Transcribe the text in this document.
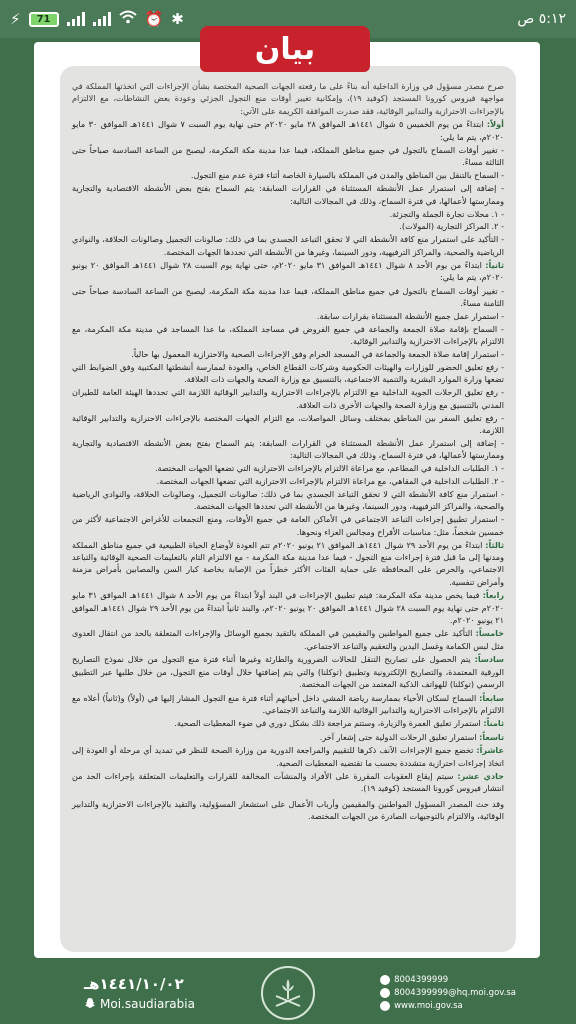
⚡ 71	⏰ ✱	٥:١٢ ص
بيان

صرح مصدر مسؤول في وزارة الداخلية أنه بناءً على ما رفعته الجهات الصحية المختصة بشأن الإجراءات التي اتخذتها المملكة في مواجهة فيروس كورونا المستجد (كوفيد ١٩)، وإمكانية تغيير أوقات منع التجول الجزئي وعودة بعض النشاطات، مع الالتزام بالإجراءات الاحترازية والتدابير الوقائية، فقد صدرت الموافقة الكريمة على الآتي:

أولاً: ابتداءً من يوم الخميس ٥ شوال ١٤٤١هـ الموافق ٢٨ مايو ٢٠٢٠م حتى نهاية يوم السبت ٧ شوال ١٤٤١هـ الموافق ٣٠ مايو ٢٠٢٠م، يتم ما يلي:

- تغيير أوقات السماح بالتجول في جميع مناطق المملكة، فيما عدا مدينة مكة المكرمة، ليصبح من الساعة السادسة صباحاً حتى الثالثة مساءً.
- السماح بالتنقل بين المناطق والمدن في المملكة بالسيارة الخاصة أثناء فترة عدم منع التجول.
- إضافة إلى استمرار عمل الأنشطة المستثناة في القرارات السابقة: يتم السماح بفتح بعض الأنشطة الاقتصادية والتجارية وممارستها لأعمالها، في فترة السماح، وذلك في المجالات التالية:
- ١. محلات تجارة الجملة والتجزئة.
- ٢. المراكز التجارية (المولات).
- التأكيد على استمرار منع كافة الأنشطة التي لا تحقق التباعد الجسدي بما في ذلك: صالونات التجميل وصالونات الحلاقة، والنوادي الرياضية والصحية، والمراكز الترفيهية، ودور السينما، وغيرها من الأنشطة التي تحددها الجهات المختصة.

ثانياً: ابتداءً من يوم الأحد ٨ شوال ١٤٤١هـ الموافق ٣١ مايو ٢٠٢٠م، حتى نهاية يوم السبت ٢٨ شوال ١٤٤١هـ الموافق ٢٠ يونيو ٢٠٢٠م، يتم ما يلي:

- تغيير أوقات السماح بالتجول في جميع مناطق المملكة، فيما عدا مدينة مكة المكرمة، ليصبح من الساعة السادسة صباحاً حتى الثامنة مساءً.
- استمرار عمل جميع الأنشطة المستثناة بقرارات سابقة.
- السماح بإقامة صلاة الجمعة والجماعة في جميع الفروض في مساجد المملكة، ما عدا المساجد في مدينة مكة المكرمة، مع الالتزام بالإجراءات الاحترازية والتدابير الوقائية.
- استمرار إقامة صلاة الجمعة والجماعة في المسجد الحرام وفق الإجراءات الصحية والاحترازية المعمول بها حالياً.
- رفع تعليق الحضور للوزارات والهيئات الحكومية وشركات القطاع الخاص، والعودة لممارسة أنشطتها المكتبية وفق الضوابط التي تضعها وزارة الموارد البشرية والتنمية الاجتماعية، بالتنسيق مع وزارة الصحة والجهات ذات العلاقة.
- رفع تعليق الرحلات الجوية الداخلية مع الالتزام بالإجراءات الاحترازية والتدابير الوقائية اللازمة التي تحددها الهيئة العامة للطيران المدني بالتنسيق مع وزارة الصحة والجهات الأخرى ذات العلاقة.
- رفع تعليق السفر بين المناطق بمختلف وسائل المواصلات، مع التزام الجهات المختصة بالإجراءات الاحترازية والتدابير الوقائية اللازمة.
- إضافة إلى استمرار عمل الأنشطة المستثناة في القرارات السابقة: يتم السماح بفتح بعض الأنشطة الاقتصادية والتجارية وممارستها لأعمالها، في فترة السماح، وذلك في المجالات التالية:
- ١. الطلبات الداخلية في المطاعم، مع مراعاة الالتزام بالإجراءات الاحترازية التي تضعها الجهات المختصة.
- ٢. الطلبات الداخلية في المقاهي، مع مراعاة الالتزام بالإجراءات الاحترازية التي تضعها الجهات المختصة.
- استمرار منع كافة الأنشطة التي لا تحقق التباعد الجسدي بما في ذلك: صالونات التجميل، وصالونات الحلاقة، والنوادي الرياضية والصحية، والمراكز الترفيهية، ودور السينما، وغيرها من الأنشطة التي تحددها الجهات المختصة.
- استمرار تطبيق إجراءات التباعد الاجتماعي في الأماكن العامة في جميع الأوقات، ومنع التجمعات للأغراض الاجتماعية لأكثر من خمسين شخصاً، مثل: مناسبات الأفراح ومجالس العزاء ونحوها.

ثالثاً: ابتداءً من يوم الأحد ٢٩ شوال ١٤٤١هـ الموافق ٢١ يونيو ٢٠٢٠م تتم العودة لأوضاع الحياة الطبيعية في جميع مناطق المملكة ومدنها إلى ما قبل فترة إجراءات منع التجول - فيما عدا مدينة مكة المكرمة - مع الالتزام التام بالتعليمات الصحية الوقائية والتباعد الاجتماعي، والحرص على المحافظة على حماية الفئات الأكثر خطراً من الإصابة بخاصة كبار السن والمصابين بأمراض مزمنة وأمراض تنفسية.

رابعاً: فيما يخص مدينة مكة المكرمة: فيتم تطبيق الإجراءات في البند أولاً ابتداءً من يوم الأحد ٨ شوال ١٤٤١هـ الموافق ٣١ مايو ٢٠٢٠م حتى نهاية يوم السبت ٢٨ شوال ١٤٤١هـ الموافق ٢٠ يونيو ٢٠٢٠م، والبند ثانياً ابتداءً من يوم الأحد ٢٩ شوال ١٤٤١هـ الموافق ٢١ يونيو ٢٠٢٠م.

خامساً: التأكيد على جميع المواطنين والمقيمين في المملكة بالتقيد بجميع الوسائل والإجراءات المتعلقة بالحد من انتقال العدوى مثل لبس الكمامة وغسل اليدين والتعقيم والتباعد الاجتماعي.

سادساً: يتم الحصول على تصاريح التنقل للحالات الضرورية والطارئة وغيرها أثناء فترة منع التجول من خلال نموذج التصاريح الورقية المعتمدة، والتصاريح الإلكترونية وتطبيق (توكلنا) والتي يتم إضافتها خلال أوقات منع التجول، من خلال طلبها عبر التطبيق الرسمي (توكلنا) للهواتف الذكية المعتمد من الجهات المختصة.

سابعاً: السماح لسكان الأحياء بممارسة رياضة المشي داخل أحيائهم أثناء فترة منع التجول المشار إليها في (أولاً) و(ثانياً) أعلاه مع الالتزام بالإجراءات الاحترازية والتدابير الوقائية اللازمة والتباعد الاجتماعي.

ثامناً: استمرار تعليق العمرة والزيارة، وستتم مراجعة ذلك بشكل دوري في ضوء المعطيات الصحية.

تاسعاً: استمرار تعليق الرحلات الدولية حتى إشعار آخر.

عاشراً: تخضع جميع الإجراءات الآنف ذكرها للتقييم والمراجعة الدورية من وزارة الصحة للنظر في تمديد أي مرحلة أو العودة إلى اتخاذ إجراءات احترازية متشددة بحسب ما تقتضيه المعطيات الصحية.

حادي عشر: سيتم إيقاع العقوبات المقررة على الأفراد والمنشآت المخالفة للقرارات والتعليمات المتعلقة بإجراءات الحد من انتشار فيروس كورونا المستجد (كوفيد ١٩).

وقد حث المصدر المسؤول المواطنين والمقيمين وأرباب الأعمال على استشعار المسؤولية، والتقيد بالإجراءات الاحترازية والتدابير الوقائية، والالتزام بالتوجيهات الصادرة من الجهات المختصة.

١٤٤١/١٠/٠٢هـ
Moi.saudiarabia
8004399999
8004399999@hq.moi.gov.sa
www.moi.gov.sa
